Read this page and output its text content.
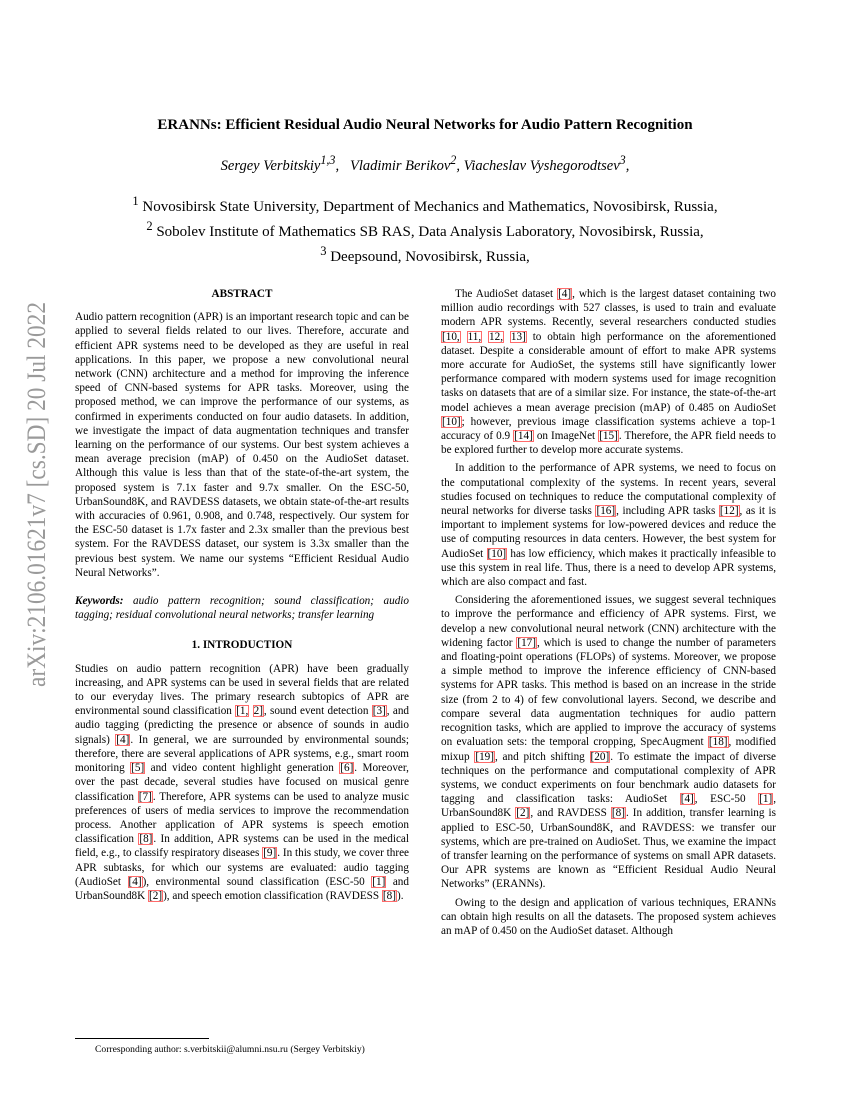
ERANNs: Efficient Residual Audio Neural Networks for Audio Pattern Recognition
Sergey Verbitskiy$^{1,3}$,   Vladimir Berikov$^2$, Viacheslav Vyshegorodtsev$^3$,
$^1$ Novosibirsk State University, Department of Mechanics and Mathematics, Novosibirsk, Russia,
$^2$ Sobolev Institute of Mathematics SB RAS, Data Analysis Laboratory, Novosibirsk, Russia,
$^3$ Deepsound, Novosibirsk, Russia,
arXiv:2106.01621v7 [cs.SD] 20 Jul 2022	ABSTRACT

Audio pattern recognition (APR) is an important research topic and can be applied to several fields related to our lives. Therefore, accurate and efficient APR systems need to be developed as they are useful in real applications. In this paper, we propose a new convolutional neural network (CNN) architecture and a method for improving the inference speed of CNN-based systems for APR tasks. Moreover, using the proposed method, we can improve the performance of our systems, as confirmed in experiments conducted on four audio datasets. In addition, we investigate the impact of data augmentation techniques and transfer learning on the performance of our systems. Our best system achieves a mean average precision (mAP) of 0.450 on the AudioSet dataset. Although this value is less than that of the state-of-the-art system, the proposed system is 7.1x faster and 9.7x smaller. On the ESC-50, UrbanSound8K, and RAVDESS datasets, we obtain state-of-the-art results with accuracies of 0.961, 0.908, and 0.748, respectively. Our system for the ESC-50 dataset is 1.7x faster and 2.3x smaller than the previous best system. For the RAVDESS dataset, our system is 3.3x smaller than the previous best system. We name our systems “Efficient Residual Audio Neural Networks”.

Keywords: audio pattern recognition; sound classification; audio tagging; residual convolutional neural networks; transfer learning

1. INTRODUCTION

Studies on audio pattern recognition (APR) have been gradually increasing, and APR systems can be used in several fields that are related to our everyday lives. The primary research subtopics of APR are environmental sound classification [1, 2], sound event detection [3], and audio tagging (predicting the presence or absence of sounds in audio signals) [4]. In general, we are surrounded by environmental sounds; therefore, there are several applications of APR systems, e.g., smart room monitoring [5] and video content highlight generation [6]. Moreover, over the past decade, several studies have focused on musical genre classification [7]. Therefore, APR systems can be used to analyze music preferences of users of media services to improve the recommendation process. Another application of APR systems is speech emotion classification [8]. In addition, APR systems can be used in the medical field, e.g., to classify respiratory diseases [9]. In this study, we cover three APR subtasks, for which our systems are evaluated: audio tagging (AudioSet [4]), environmental sound classification (ESC-50 [1] and UrbanSound8K [2]), and speech emotion classification (RAVDESS [8]).

The AudioSet dataset [4], which is the largest dataset containing two million audio recordings with 527 classes, is used to train and evaluate modern APR systems. Recently, several researchers conducted studies [10, 11, 12, 13] to obtain high performance on the aforementioned dataset. Despite a considerable amount of effort to make APR systems more accurate for AudioSet, the systems still have significantly lower performance compared with modern systems used for image recognition tasks on datasets that are of a similar size. For instance, the state-of-the-art model achieves a mean average precision (mAP) of 0.485 on AudioSet [10]; however, previous image classification systems achieve a top-1 accuracy of 0.9 [14] on ImageNet [15]. Therefore, the APR field needs to be explored further to develop more accurate systems.

In addition to the performance of APR systems, we need to focus on the computational complexity of the systems. In recent years, several studies focused on techniques to reduce the computational complexity of neural networks for diverse tasks [16], including APR tasks [12], as it is important to implement systems for low-powered devices and reduce the use of computing resources in data centers. However, the best system for AudioSet [10] has low efficiency, which makes it practically infeasible to use this system in real life. Thus, there is a need to develop APR systems, which are also compact and fast.

Considering the aforementioned issues, we suggest several techniques to improve the performance and efficiency of APR systems. First, we develop a new convolutional neural network (CNN) architecture with the widening factor [17], which is used to change the number of parameters and floating-point operations (FLOPs) of systems. Moreover, we propose a simple method to improve the inference efficiency of CNN-based systems for APR tasks. This method is based on an increase in the stride size (from 2 to 4) of few convolutional layers. Second, we describe and compare several data augmentation techniques for audio pattern recognition tasks, which are applied to improve the accuracy of systems on evaluation sets: the temporal cropping, SpecAugment [18], modified mixup [19], and pitch shifting [20]. To estimate the impact of diverse techniques on the performance and computational complexity of APR systems, we conduct experiments on four benchmark audio datasets for tagging and classification tasks: AudioSet [4], ESC-50 [1], UrbanSound8K [2], and RAVDESS [8]. In addition, transfer learning is applied to ESC-50, UrbanSound8K, and RAVDESS: we transfer our systems, which are pre-trained on AudioSet. Thus, we examine the impact of transfer learning on the performance of systems on small APR datasets. Our APR systems are known as “Efficient Residual Audio Neural Networks” (ERANNs).

Owing to the design and application of various techniques, ERANNs can obtain high results on all the datasets. The proposed system achieves an mAP of 0.450 on the AudioSet dataset. Although

Corresponding author: s.verbitskii@alumni.nsu.ru (Sergey Verbitskiy)
